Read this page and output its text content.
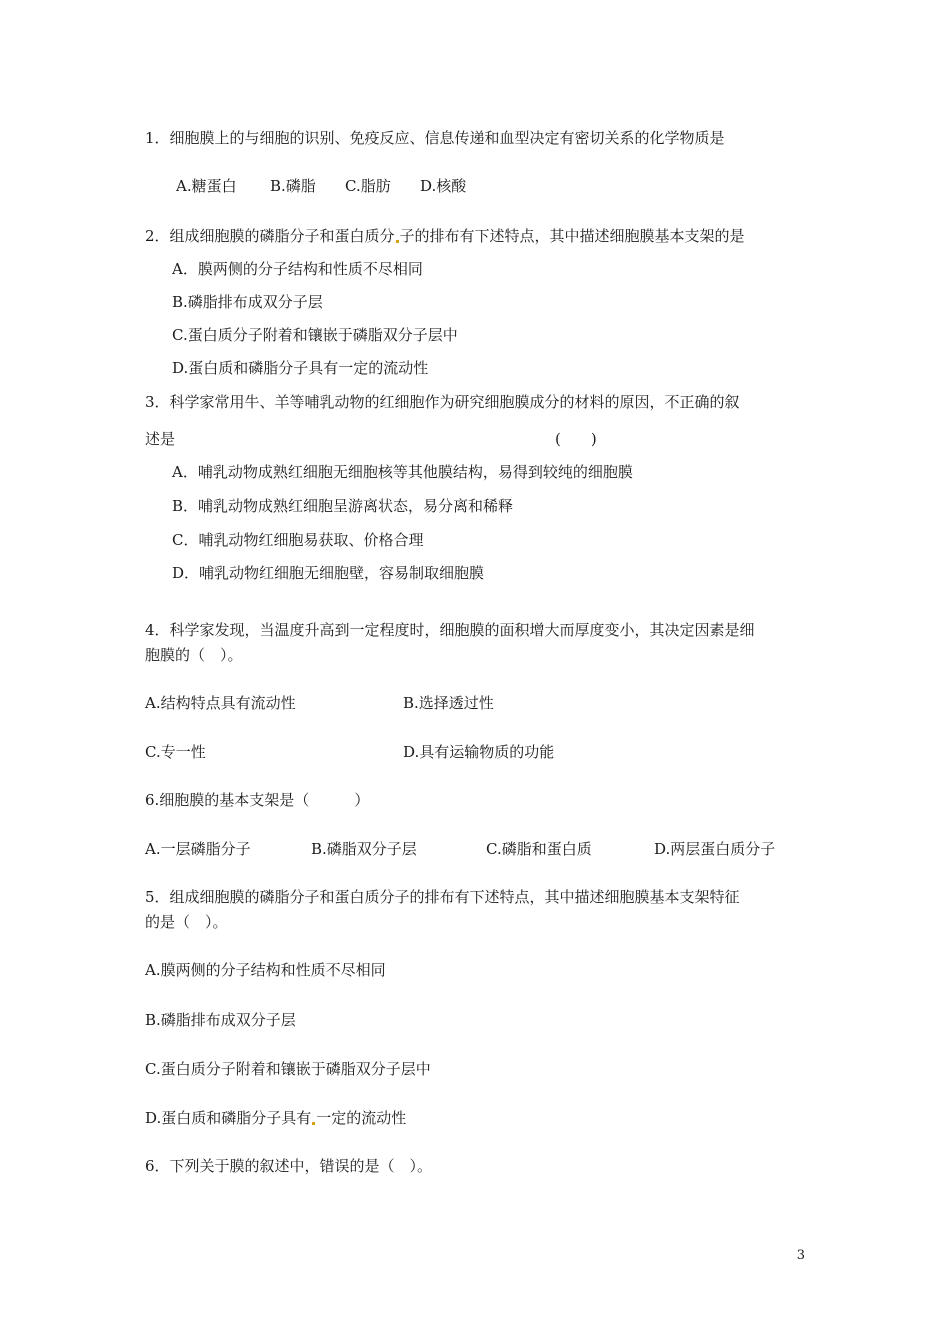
1．细胞膜上的与细胞的识别、免疫反应、信息传递和血型决定有密切关系的化学物质是
A.糖蛋白 B.磷脂 C.脂肪 D.核酸
2．组成细胞膜的磷脂分子和蛋白质分 子的排布有下述特点，其中描述细胞膜基本支架的是
A．膜两侧的分子结构和性质不尽相同
B.磷脂排布成双分子层
C.蛋白质分子附着和镶嵌于磷脂双分子层中
D.蛋白质和磷脂分子具有一定的流动性
3．科学家常用牛、羊等哺乳动物的红细胞作为研究细胞膜成分的材料的原因，不正确的叙
述是	(　　)
A．哺乳动物成熟红细胞无细胞核等其他膜结构，易得到较纯的细胞膜
B．哺乳动物成熟红细胞呈游离状态，易分离和稀释
C．哺乳动物红细胞易获取、价格合理
D．哺乳动物红细胞无细胞壁，容易制取细胞膜
4．科学家发现，当温度升高到一定程度时，细胞膜的面积增大而厚度变小，其决定因素是细
胞膜的（　）。
A.结构特点具有流动性	B.选择透过性
C.专一性	D.具有运输物质的功能
6.细胞膜的基本支架是（　　　）
A.一层磷脂分子	B.磷脂双分子层	C.磷脂和蛋白质	D.两层蛋白质分子
5．组成细胞膜的磷脂分子和蛋白质分子的排布有下述特点，其中描述细胞膜基本支架特征
的是（　）。
A.膜两侧的分子结构和性质不尽相同
B.磷脂排布成双分子层
C.蛋白质分子附着和镶嵌于磷脂双分子层中
D.蛋白质和磷脂分子具有 一定的流动性
6．下列关于膜的叙述中，错误的是（　）。
3
